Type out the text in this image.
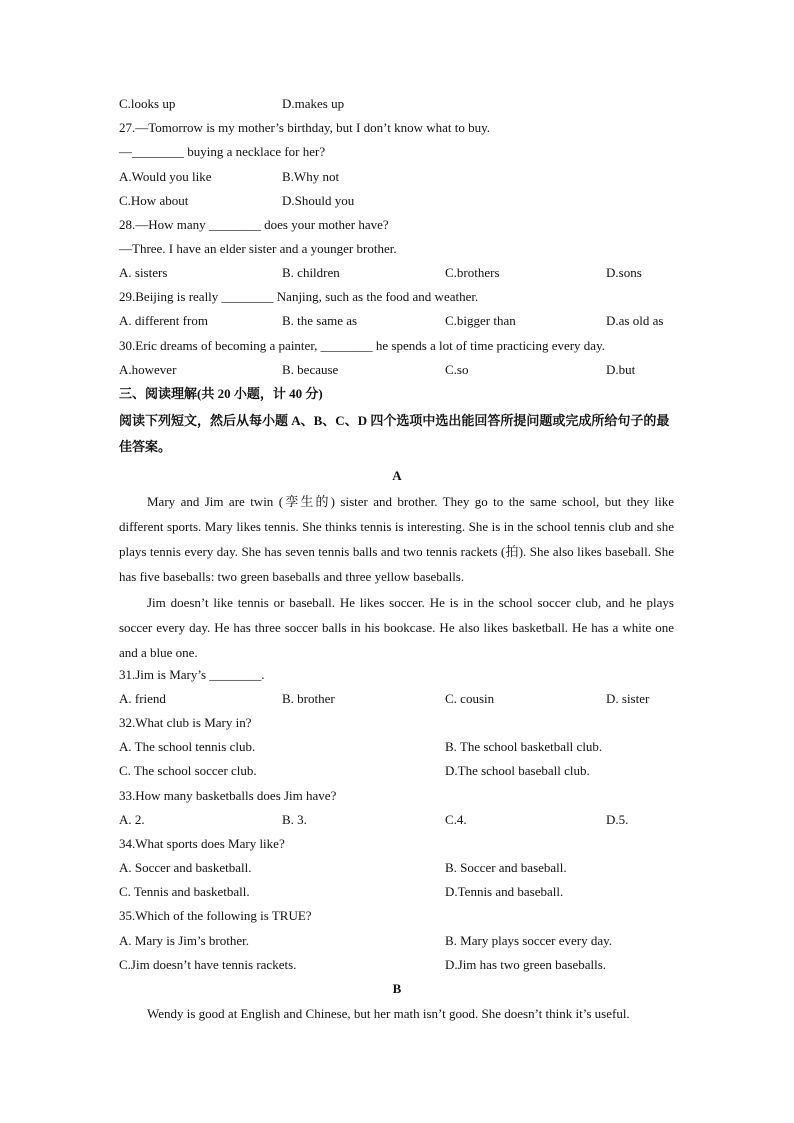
C.looks up	D.makes up
27.—Tomorrow is my mother’s birthday, but I don’t know what to buy.
—________ buying a necklace for her?
A.Would you like	B.Why not
C.How about	D.Should you
28.—How many ________ does your mother have?
—Three. I have an elder sister and a younger brother.
A. sisters	B. children	C.brothers	D.sons
29.Beijing is really ________ Nanjing, such as the food and weather.
A. different from	B. the same as	C.bigger than	D.as old as
30.Eric dreams of becoming a painter, ________ he spends a lot of time practicing every day.
A.however	B. because	C.so	D.but
三、阅读理解(共 20 小题，计 40 分)
阅读下列短文，然后从每小题 A、B、C、D 四个选项中选出能回答所提问题或完成所给句子的最佳答案。
A
Mary and Jim are twin (孪生的) sister and brother. They go to the same school, but they like different sports. Mary likes tennis. She thinks tennis is interesting. She is in the school tennis club and she plays tennis every day. She has seven tennis balls and two tennis rackets (拍). She also likes baseball. She has five baseballs: two green baseballs and three yellow baseballs.
Jim doesn’t like tennis or baseball. He likes soccer. He is in the school soccer club, and he plays soccer every day. He has three soccer balls in his bookcase. He also likes basketball. He has a white one and a blue one.
31.Jim is Mary’s ________.
A. friend	B. brother	C. cousin	D. sister
32.What club is Mary in?
A. The school tennis club.	B. The school basketball club.
C. The school soccer club.	D.The school baseball club.
33.How many basketballs does Jim have?
A. 2.	B. 3.	C.4.	D.5.
34.What sports does Mary like?
A. Soccer and basketball.	B. Soccer and baseball.
C. Tennis and basketball.	D.Tennis and baseball.
35.Which of the following is TRUE?
A. Mary is Jim’s brother.	B. Mary plays soccer every day.
C.Jim doesn’t have tennis rackets.	D.Jim has two green baseballs.
B
Wendy is good at English and Chinese, but her math isn’t good. She doesn’t think it’s useful.
